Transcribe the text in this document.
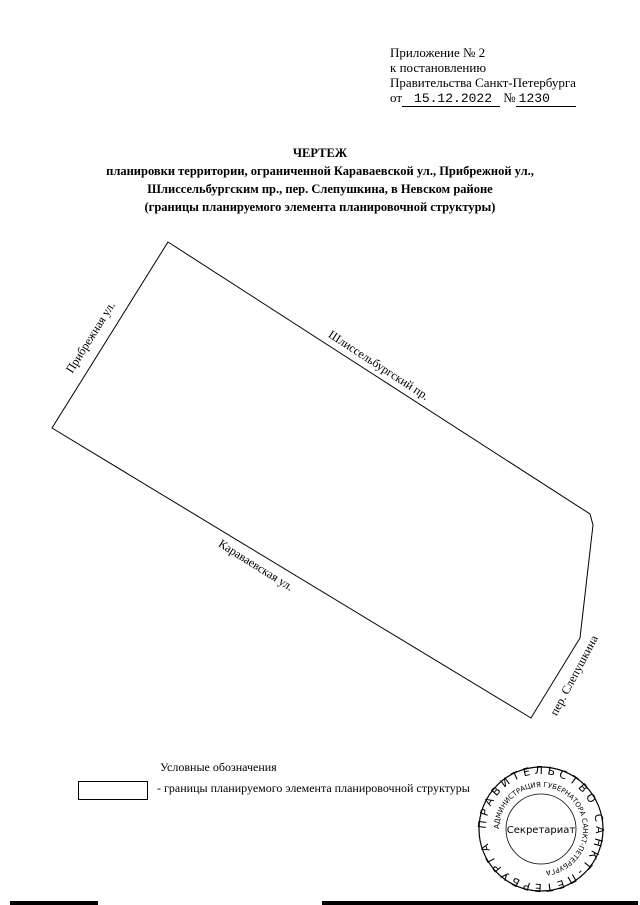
Приложение № 2
к постановлению
Правительства Санкт-Петербурга
от 15.12.2022 № 1230
ЧЕРТЕЖ
планировки территории, ограниченной Караваевской ул., Прибрежной ул.,
Шлиссельбургским пр., пер. Слепушкина, в Невском районе
(границы планируемого элемента планировочной структуры)
Прибрежная ул.	Шлиссельбургский пр.
Караваевская ул.
пер. Слепушкина
Условные обозначения
- границы планируемого элемента планировочной структуры
ПРАВИТЕЛЬСТВО САНКТ-ПЕТЕРБУРГА
АДМИНИСТРАЦИЯ ГУБЕРНАТОРА САНКТ-ПЕТЕРБУРГА
Секретариат
